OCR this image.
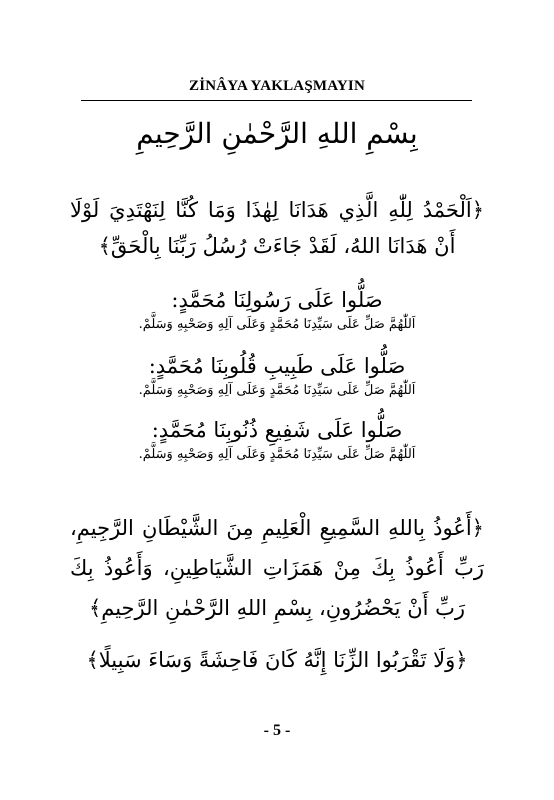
ZİNÂYA YAKLAŞMAYIN
بِسْمِ اللهِ الرَّحْمٰنِ الرَّحِيمِ
﴿اَلْحَمْدُ لِلّٰهِ الَّذِي هَدَانَا لِهٰذَا وَمَا كُنَّا لِنَهْتَدِيَ لَوْلَا
أَنْ هَدَانَا اللهُ، لَقَدْ جَاءَتْ رُسُلُ رَبِّنَا بِالْحَقِّ﴾
صَلُّوا عَلَى رَسُولِنَا مُحَمَّدٍ:
اَللّٰهُمَّ صَلِّ عَلَى سَيِّدِنَا مُحَمَّدٍ وَعَلَى آلِهِ وَصَحْبِهِ وَسَلَّمْ.
صَلُّوا عَلَى طَبِيبِ قُلُوبِنَا مُحَمَّدٍ:
اَللّٰهُمَّ صَلِّ عَلَى سَيِّدِنَا مُحَمَّدٍ وَعَلَى آلِهِ وَصَحْبِهِ وَسَلَّمْ.
صَلُّوا عَلَى شَفِيعِ ذُنُوبِنَا مُحَمَّدٍ:
اَللّٰهُمَّ صَلِّ عَلَى سَيِّدِنَا مُحَمَّدٍ وَعَلَى آلِهِ وَصَحْبِهِ وَسَلَّمْ.
﴿أَعُوذُ بِاللهِ السَّمِيعِ الْعَلِيمِ مِنَ الشَّيْطَانِ الرَّجِيمِ،
رَبِّ أَعُوذُ بِكَ مِنْ هَمَزَاتِ الشَّيَاطِينِ، وَأَعُوذُ بِكَ
رَبِّ أَنْ يَحْضُرُونِ، بِسْمِ اللهِ الرَّحْمٰنِ الرَّحِيمِ﴾
﴿وَلَا تَقْرَبُوا الزِّنَا إِنَّهُ كَانَ فَاحِشَةً وَسَاءَ سَبِيلًا﴾
- 5 -
